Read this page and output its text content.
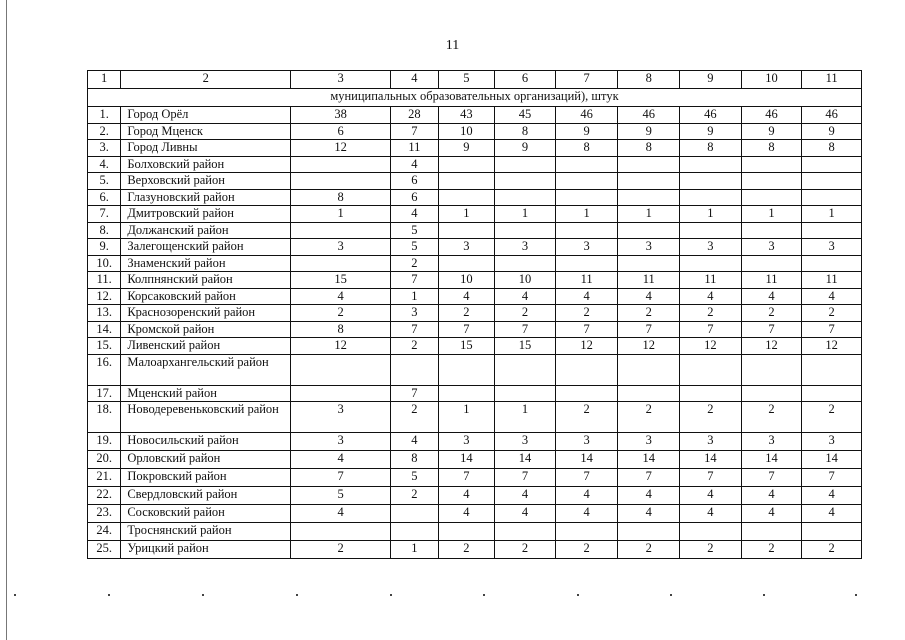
11
1	2	3	4	5	6	7	8	9	10	11
муниципальных образовательных организаций), штук										
1.	Город Орёл	38	28	43	45	46	46	46	46	46
2.	Город Мценск	6	7	10	8	9	9	9	9	9
3.	Город Ливны	12	11	9	9	8	8	8	8	8
4.	Болховский район		4							
5.	Верховский район		6							
6.	Глазуновский район	8	6							
7.	Дмитровский район	1	4	1	1	1	1	1	1	1
8.	Должанский район		5							
9.	Залегощенский район	3	5	3	3	3	3	3	3	3
10.	Знаменский район		2							
11.	Колпнянский район	15	7	10	10	11	11	11	11	11
12.	Корсаковский район	4	1	4	4	4	4	4	4	4
13.	Краснозоренский район	2	3	2	2	2	2	2	2	2
14.	Кромской район	8	7	7	7	7	7	7	7	7
15.	Ливенский район	12	2	15	15	12	12	12	12	12
16.	Малоархангельский район									
17.	Мценский район		7							
18.	Новодеревеньковский район	3	2	1	1	2	2	2	2	2
19.	Новосильский район	3	4	3	3	3	3	3	3	3
20.	Орловский район	4	8	14	14	14	14	14	14	14
21.	Покровский район	7	5	7	7	7	7	7	7	7
22.	Свердловский район	5	2	4	4	4	4	4	4	4
23.	Сосковский район	4		4	4	4	4	4	4	4
24.	Троснянский район									
25.	Урицкий район	2	1	2	2	2	2	2	2	2
